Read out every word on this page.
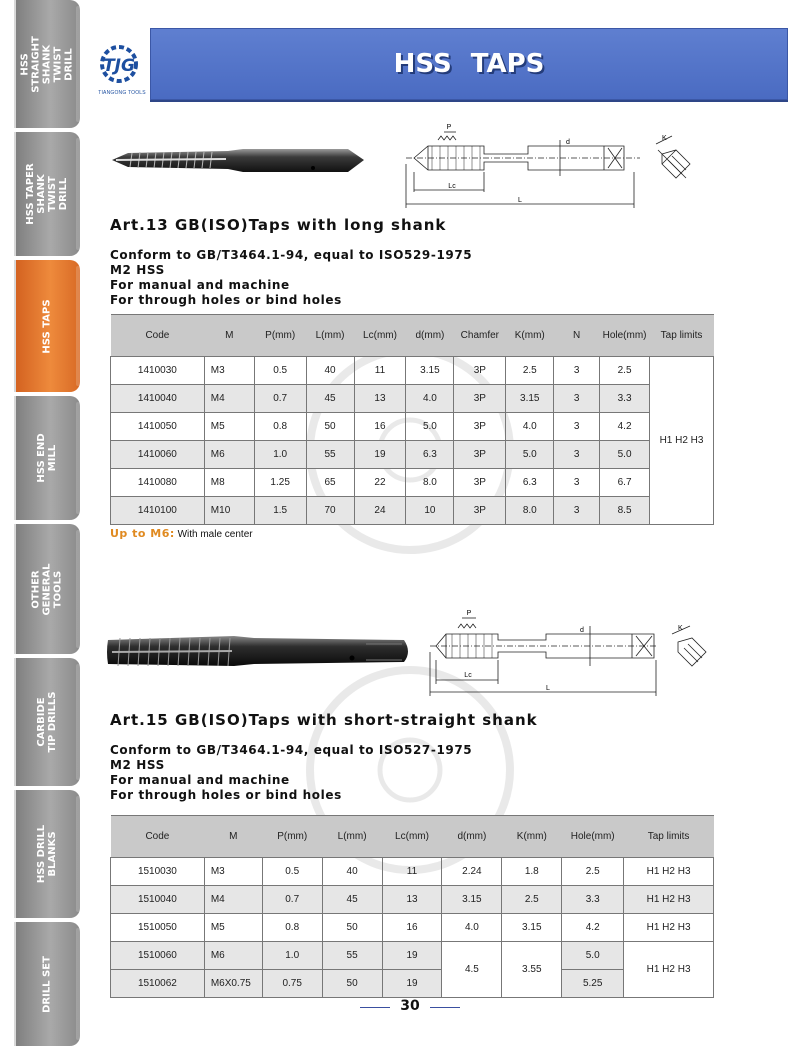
HSS STRAIGHT
SHANK TWIST DRILL
HSS TAPER
SHANK TWIST DRILL
HSS TAPS
HSS END MILL
OTHER GENERAL
TOOLS
CARBIDE TIP DRILLS
HSS DRILL BLANKS
DRILL SET
TJG
TIANGONG TOOLS
HSS TAPS
P
d
K
Lc
L
Art.13 GB(ISO)Taps with long shank
Conform to GB/T3464.1-94, equal to ISO529-1975
M2 HSS
For manual and machine
For through holes or bind holes
Code	M	P(mm)	L(mm)	Lc(mm)	d(mm)	Chamfer	K(mm)	N	Hole(mm)	Tap limits
1410030	M3	0.5	40	11	3.15	3P	2.5	3	2.5	H1 H2 H3
1410040	M4	0.7	45	13	4.0	3P	3.15	3	3.3	
1410050	M5	0.8	50	16	5.0	3P	4.0	3	4.2	
1410060	M6	1.0	55	19	6.3	3P	5.0	3	5.0	
1410080	M8	1.25	65	22	8.0	3P	6.3	3	6.7	
1410100	M10	1.5	70	24	10	3P	8.0	3	8.5	
Up to M6: With male center
P
d	K
Lc
L
Art.15 GB(ISO)Taps with short-straight shank
Conform to GB/T3464.1-94, equal to ISO527-1975
M2 HSS
For manual and machine
For through holes or bind holes
Code	M	P(mm)	L(mm)	Lc(mm)	d(mm)	K(mm)	Hole(mm)	Tap limits
1510030	M3	0.5	40	11	2.24	1.8	2.5	H1 H2 H3
1510040	M4	0.7	45	13	3.15	2.5	3.3	H1 H2 H3
1510050	M5	0.8	50	16	4.0	3.15	4.2	H1 H2 H3
1510060	M6	1.0	55	19	4.5	3.55	5.0	H1 H2 H3
1510062	M6X0.75	0.75	50	19			5.25	
30
